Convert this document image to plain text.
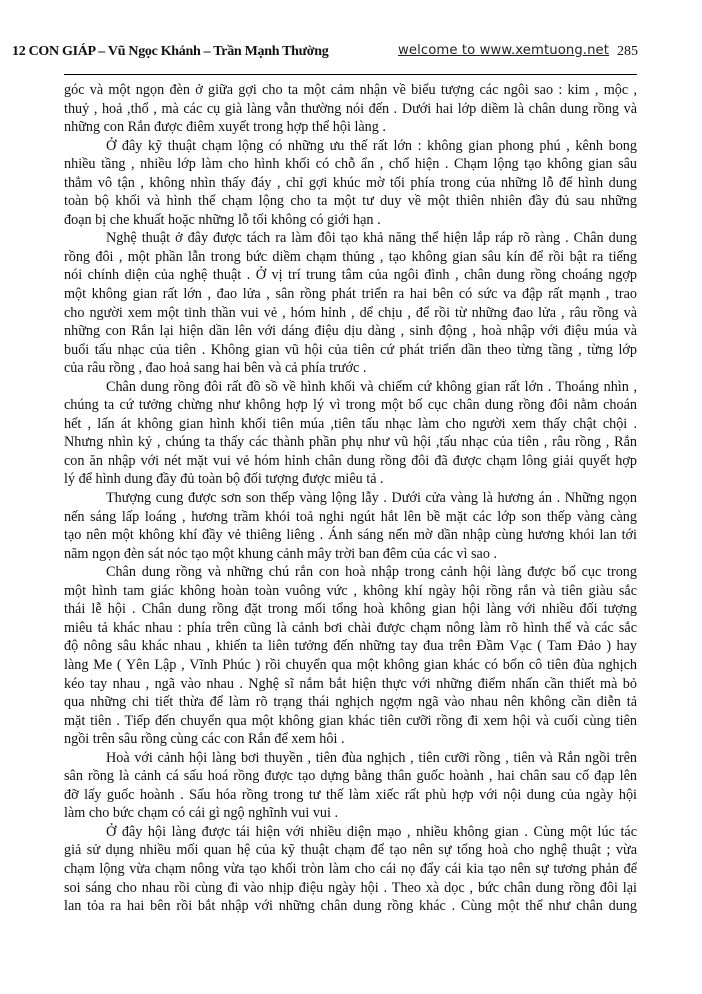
12 CON GIÁP – Vũ Ngọc Khánh – Trần Mạnh Thường	welcome to www.xemtuong.net 285
góc và một ngọn đèn ở giữa gợi cho ta một cảm nhận về biểu tượng các ngôi sao : kim , mộc ,
thuỷ , hoả ,thổ , mà các cụ già làng vẫn thường nói đến . Dưới hai lớp diềm là chân dung rồng và
những con Rắn được điêm xuyết trong hợp thể hội làng .
Ở đây kỹ thuật chạm lộng có những ưu thế rất lớn : không gian phong phú , kênh bong
nhiều tầng , nhiều lớp làm cho hình khối có chỗ ẩn , chổ hiện . Chạm lộng tạo không gian sâu
thẳm vô tận , không nhìn thấy đáy , chỉ gợi khúc mờ tối phía trong của những lỗ để hình dung
toàn bộ khối và hình thể chạm lộng cho ta một tư duy về một thiên nhiên đầy đủ sau những
đoạn bị che khuất hoặc những lỗ tối không có giới hạn .
Nghệ thuật ở đây được tách ra làm đôi tạo khả năng thể hiện lắp ráp rõ ràng . Chân dung
rồng đôi , một phần lẫn trong bức diềm chạm thủng , tạo không gian sâu kín để rồi bật ra tiếng
nói chính diện của nghệ thuật . Ở vị trí trung tâm của ngôi đình , chân dung rồng choáng ngợp
một không gian rất lớn , đao lửa , sân rồng phát triển ra hai bên có sức va đập rất mạnh , trao
cho người xem một tinh thần vui vẻ , hóm hỉnh , dể chịu , để rồi từ những đao lửa , râu rồng và
những con Rắn lại hiện dần lên với dáng điệu dịu dàng , sinh động , hoà nhập với điệu múa và
buổi tấu nhạc của tiên . Không gian vũ hội của tiên cứ phát triển dần theo từng tầng , từng lớp
của râu rồng , đao hoả sang hai bên và cả phía trước .
Chân dung rồng đôi rất đồ sồ về hình khối và chiếm cứ không gian rất lớn . Thoáng nhìn ,
chúng ta cứ tưởng chừng như không hợp lý vì trong một bố cục chân dung rồng đôi nằm choán
hết , lấn át không gian hình khối tiên múa ,tiên tấu nhạc làm cho người xem thấy chật chội .
Nhưng nhìn kỷ , chúng ta thấy các thành phần phụ như vũ hội ,tấu nhạc của tiên , râu rồng , Rắn
con ăn nhập với nét mặt vui vẻ hóm hỉnh chân dung rồng đôi đã được chạm lông giải quyết hợp
lý để hình dung đầy đủ toàn bộ đối tượng được miêu tả .
Thượng cung được sơn son thếp vàng lộng lẫy . Dưới cửa vàng là hương án . Những ngọn
nến sáng lấp loáng , hương trầm khói toả nghi ngút hắt lên bề mặt các lớp son thếp vàng càng
tạo nên một không khí đầy vẻ thiêng liêng . Ánh sáng nến mờ dần nhập cùng hương khói lan tới
năm ngọn đèn sát nóc tạo một khung cảnh mây trời ban đêm của các vì sao .
Chân dung rồng và những chú rắn con hoà nhập trong cảnh hội làng được bố cục trong
một hình tam giác không hoàn toàn vuông vức , không khí ngày hội rồng rắn và tiên giàu sắc
thái lễ hội . Chân dung rồng đặt trong mối tổng hoà không gian hội làng với nhiều đối tượng
miêu tả khác nhau : phía trên cũng là cảnh bơi chài được chạm nông làm rõ hình thể và các sắc
độ nông sâu khác nhau , khiến ta liên tưởng đến những tay đua trên Đầm Vạc ( Tam Đảo ) hay
làng Me ( Yên Lập , Vĩnh Phúc ) rồi chuyển qua một không gian khác có bốn cô tiên đùa nghịch
kéo tay nhau , ngã vào nhau . Nghệ sĩ nắm bắt hiện thực với những điểm nhấn cần thiết mà bỏ
qua những chi tiết thừa để làm rõ trạng thái nghịch ngợm ngã vào nhau nên không cần diễn tả
mặt tiên . Tiếp đến chuyển qua một không gian khác tiên cưỡi rồng đi xem hội và cuối cùng tiên
ngồi trên sâu rồng cùng các con Rắn để xem hôi .
Hoà với cảnh hội làng bơi thuyền , tiên đùa nghịch , tiên cưỡi rồng , tiên và Rắn ngồi trên
sân rồng là cảnh cá sấu hoá rồng được tạo dựng bằng thân guốc hoành , hai chân sau cố đạp lên
đỡ lấy guốc hoành . Sấu hóa rồng trong tư thế làm xiếc rất phù hợp với nội dung của ngày hội
làm cho bức chạm có cái gì ngộ nghĩnh vui vui .
Ở đây hội làng được tái hiện với nhiều diện mạo , nhiều không gian . Cùng một lúc tác
giả sử dụng nhiều mối quan hệ của kỹ thuật chạm để tạo nên sự tổng hoà cho nghệ thuật ; vừa
chạm lộng vừa chạm nông vừa tạo khối tròn làm cho cái nọ đẩy cái kia tạo nên sự tương phản để
soi sáng cho nhau rồi cùng đi vào nhịp điệu ngày hội . Theo xà dọc , bức chân dung rồng đôi lại
lan tỏa ra hai bên rồi bắt nhập với những chân dung rồng khác . Cùng một thể như chân dung
